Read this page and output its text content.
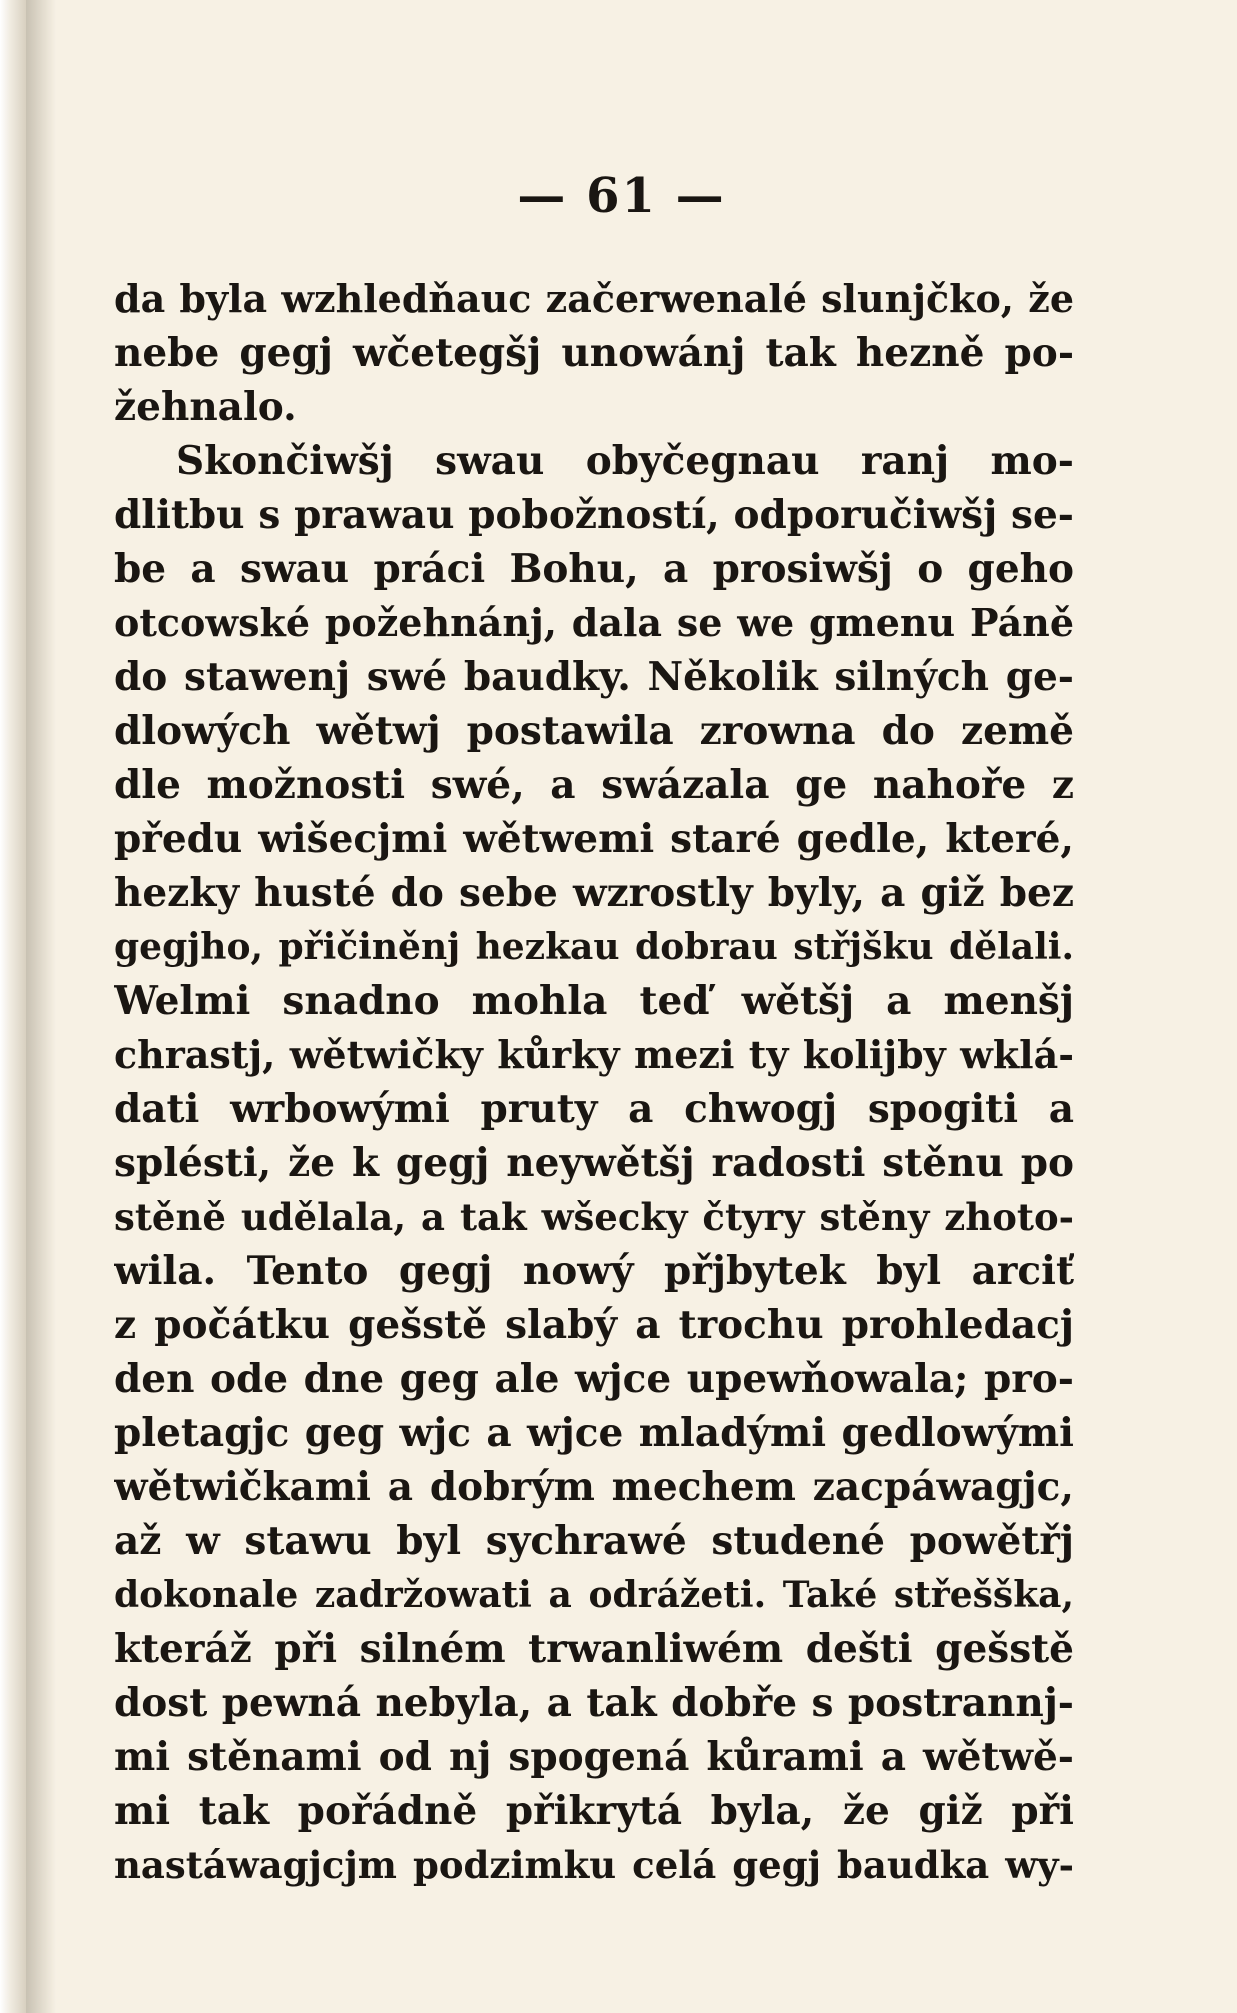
— 61 —
da byla wzhledňauc začerwenalé slunjčko, že
nebe gegj wčetegšj unowánj tak hezně po-
žehnalo.
Skončiwšj swau obyčegnau ranj mo-
dlitbu s prawau pobožností, odporučiwšj se-
be a swau práci Bohu, a prosiwšj o geho
otcowské požehnánj, dala se we gmenu Páně
do stawenj swé baudky. Několik silných ge-
dlowých wětwj postawila zrowna do země
dle možnosti swé, a swázala ge nahoře z
předu wišecjmi wětwemi staré gedle, které,
hezky husté do sebe wzrostly byly, a giž bez
gegjho, přičiněnj hezkau dobrau střjšku dělali.
Welmi snadno mohla teď wětšj a menšj
chrastj, wětwičky kůrky mezi ty kolijby wklá-
dati wrbowými pruty a chwogj spogiti a
splésti, že k gegj neywětšj radosti stěnu po
stěně udělala, a tak wšecky čtyry stěny zhoto-
wila. Tento gegj nowý přjbytek byl arciť
z počátku gešstě slabý a trochu prohledacj
den ode dne geg ale wjce upewňowala; pro-
pletagjc geg wjc a wjce mladými gedlowými
wětwičkami a dobrým mechem zacpáwagjc,
až w stawu byl sychrawé studené powětřj
dokonale zadržowati a odrážeti. Také střešška,
kteráž při silném trwanliwém dešti gešstě
dost pewná nebyla, a tak dobře s postrannj-
mi stěnami od nj spogená kůrami a wětwě-
mi tak pořádně přikrytá byla, že giž při
nastáwagjcjm podzimku celá gegj baudka wy-
